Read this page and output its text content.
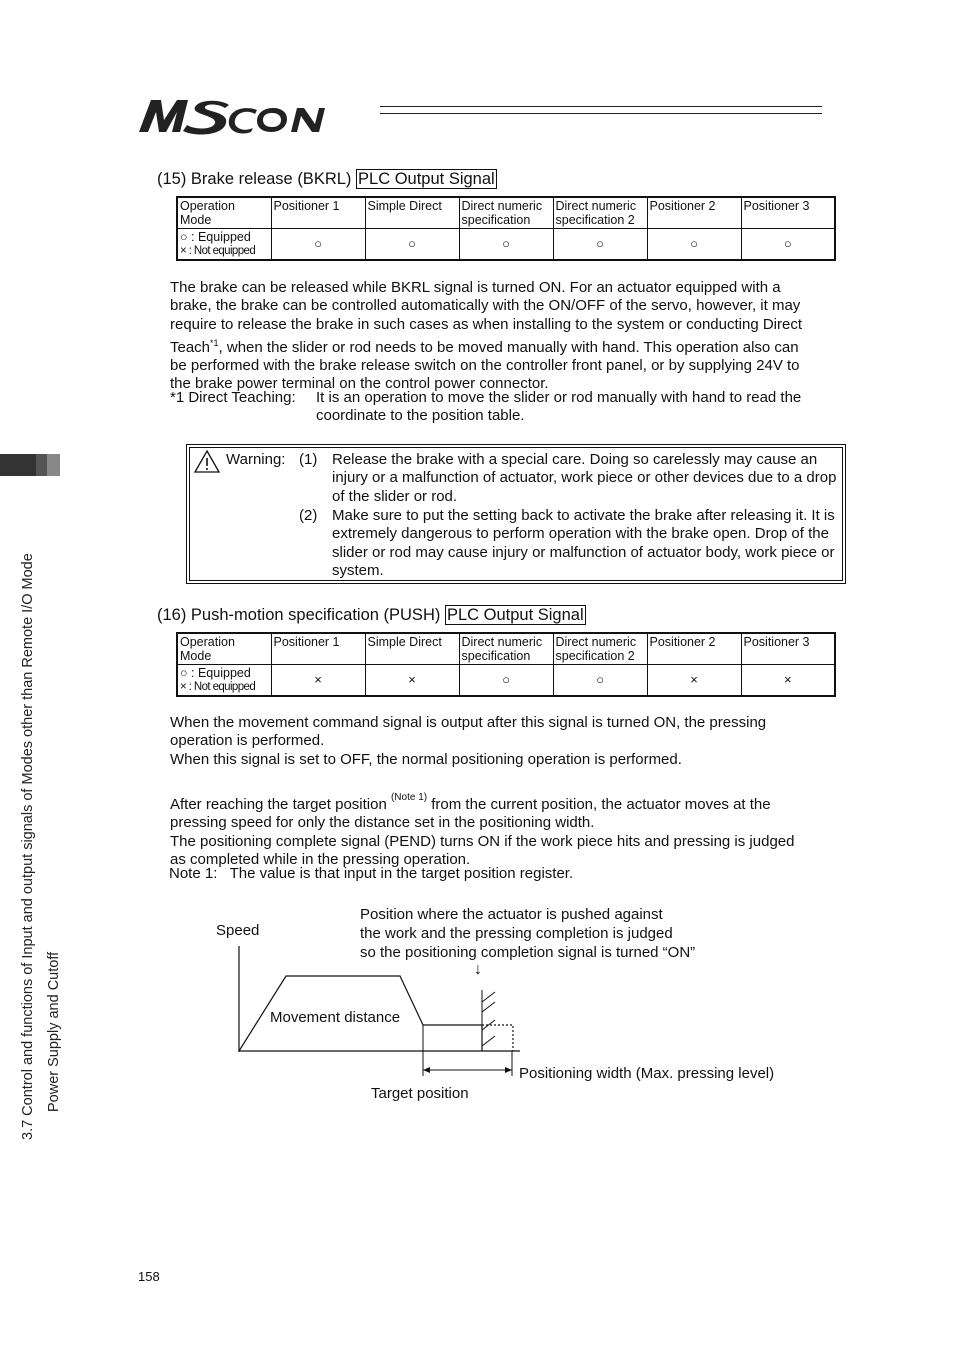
3.7 Control and functions of Input and output signals of Modes other than Remote I/O Mode Power Supply and Cutoff
(15) Brake release (BKRL) PLC Output Signal
Operation Mode	Positioner 1	Simple Direct	Direct numeric specification	Direct numeric specification 2	Positioner 2	Positioner 3

○ : Equipped
× : Not equipped	○	○	○	○	○	○

The brake can be released while BKRL signal is turned ON. For an actuator equipped with a

brake, the brake can be controlled automatically with the ON/OFF of the servo, however, it may

require to release the brake in such cases as when installing to the system or conducting Direct

Teach$^{*1}$, when the slider or rod needs to be moved manually with hand. This operation also can

be performed with the brake release switch on the controller front panel, or by supplying 24V to

the brake power terminal on the control power connector.

*1 Direct Teaching: It is an operation to move the slider or rod manually with hand to read the coordinate to the position table.
Warning: (1) Release the brake with a special care. Doing so carelessly may cause an injury or a malfunction of actuator, work piece or other devices due to a drop of the slider or rod.
(2) Make sure to put the setting back to activate the brake after releasing it. It is extremely dangerous to perform operation with the brake open. Drop of the slider or rod may cause injury or malfunction of actuator body, work piece or system.
(16) Push-motion specification (PUSH) PLC Output Signal
Operation Mode	Positioner 1	Simple Direct	Direct numeric specification	Direct numeric specification 2	Positioner 2	Positioner 3

○ : Equipped
× : Not equipped	×	×	○	○	×	×

When the movement command signal is output after this signal is turned ON, the pressing

operation is performed.

When this signal is set to OFF, the normal positioning operation is performed.

After reaching the target position $^{(Note 1)}$ from the current position, the actuator moves at the

pressing speed for only the distance set in the positioning width.

The positioning complete signal (PEND) turns ON if the work piece hits and pressing is judged

as completed while in the pressing operation.

Note 1:   The value is that input in the target position register.
Speed
Position where the actuator is pushed against
the work and the pressing completion is judged
so the positioning completion signal is turned “ON”
↓
Movement distance
Positioning width (Max. pressing level)
Target position
158
